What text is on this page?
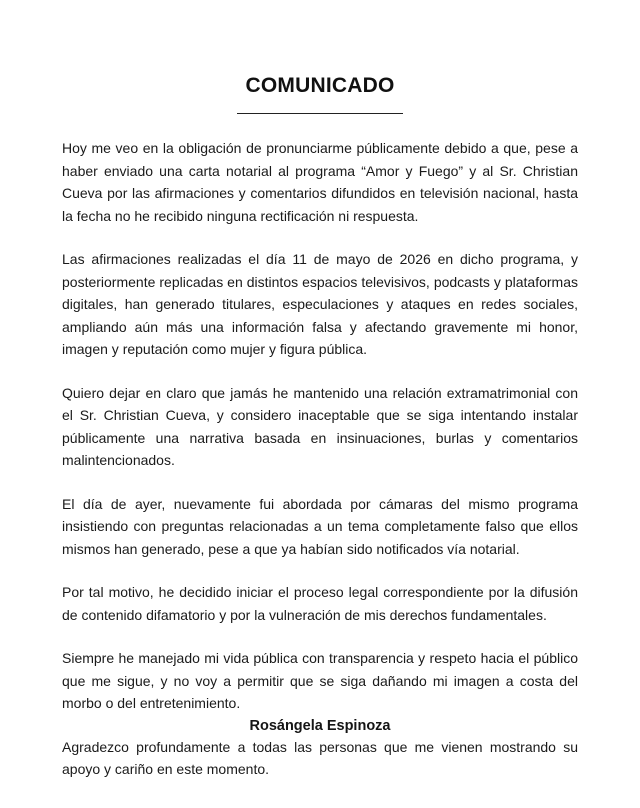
COMUNICADO

Hoy me veo en la obligación de pronunciarme públicamente debido a que, pese a haber enviado una carta notarial al programa “Amor y Fuego” y al Sr. Christian Cueva por las afirmaciones y comentarios difundidos en televisión nacional, hasta la fecha no he recibido ninguna rectificación ni respuesta.

Las afirmaciones realizadas el día 11 de mayo de 2026 en dicho programa, y posteriormente replicadas en distintos espacios televisivos, podcasts y plataformas digitales, han generado titulares, especulaciones y ataques en redes sociales, ampliando aún más una información falsa y afectando gravemente mi honor, imagen y reputación como mujer y figura pública.

Quiero dejar en claro que jamás he mantenido una relación extramatrimonial con el Sr. Christian Cueva, y considero inaceptable que se siga intentando instalar públicamente una narrativa basada en insinuaciones, burlas y comentarios malintencionados.

El día de ayer, nuevamente fui abordada por cámaras del mismo programa insistiendo con preguntas relacionadas a un tema completamente falso que ellos mismos han generado, pese a que ya habían sido notificados vía notarial.

Por tal motivo, he decidido iniciar el proceso legal correspondiente por la difusión de contenido difamatorio y por la vulneración de mis derechos fundamentales.

Siempre he manejado mi vida pública con transparencia y respeto hacia el público que me sigue, y no voy a permitir que se siga dañando mi imagen a costa del morbo o del entretenimiento.

Agradezco profundamente a todas las personas que me vienen mostrando su apoyo y cariño en este momento.

Rosángela Espinoza
